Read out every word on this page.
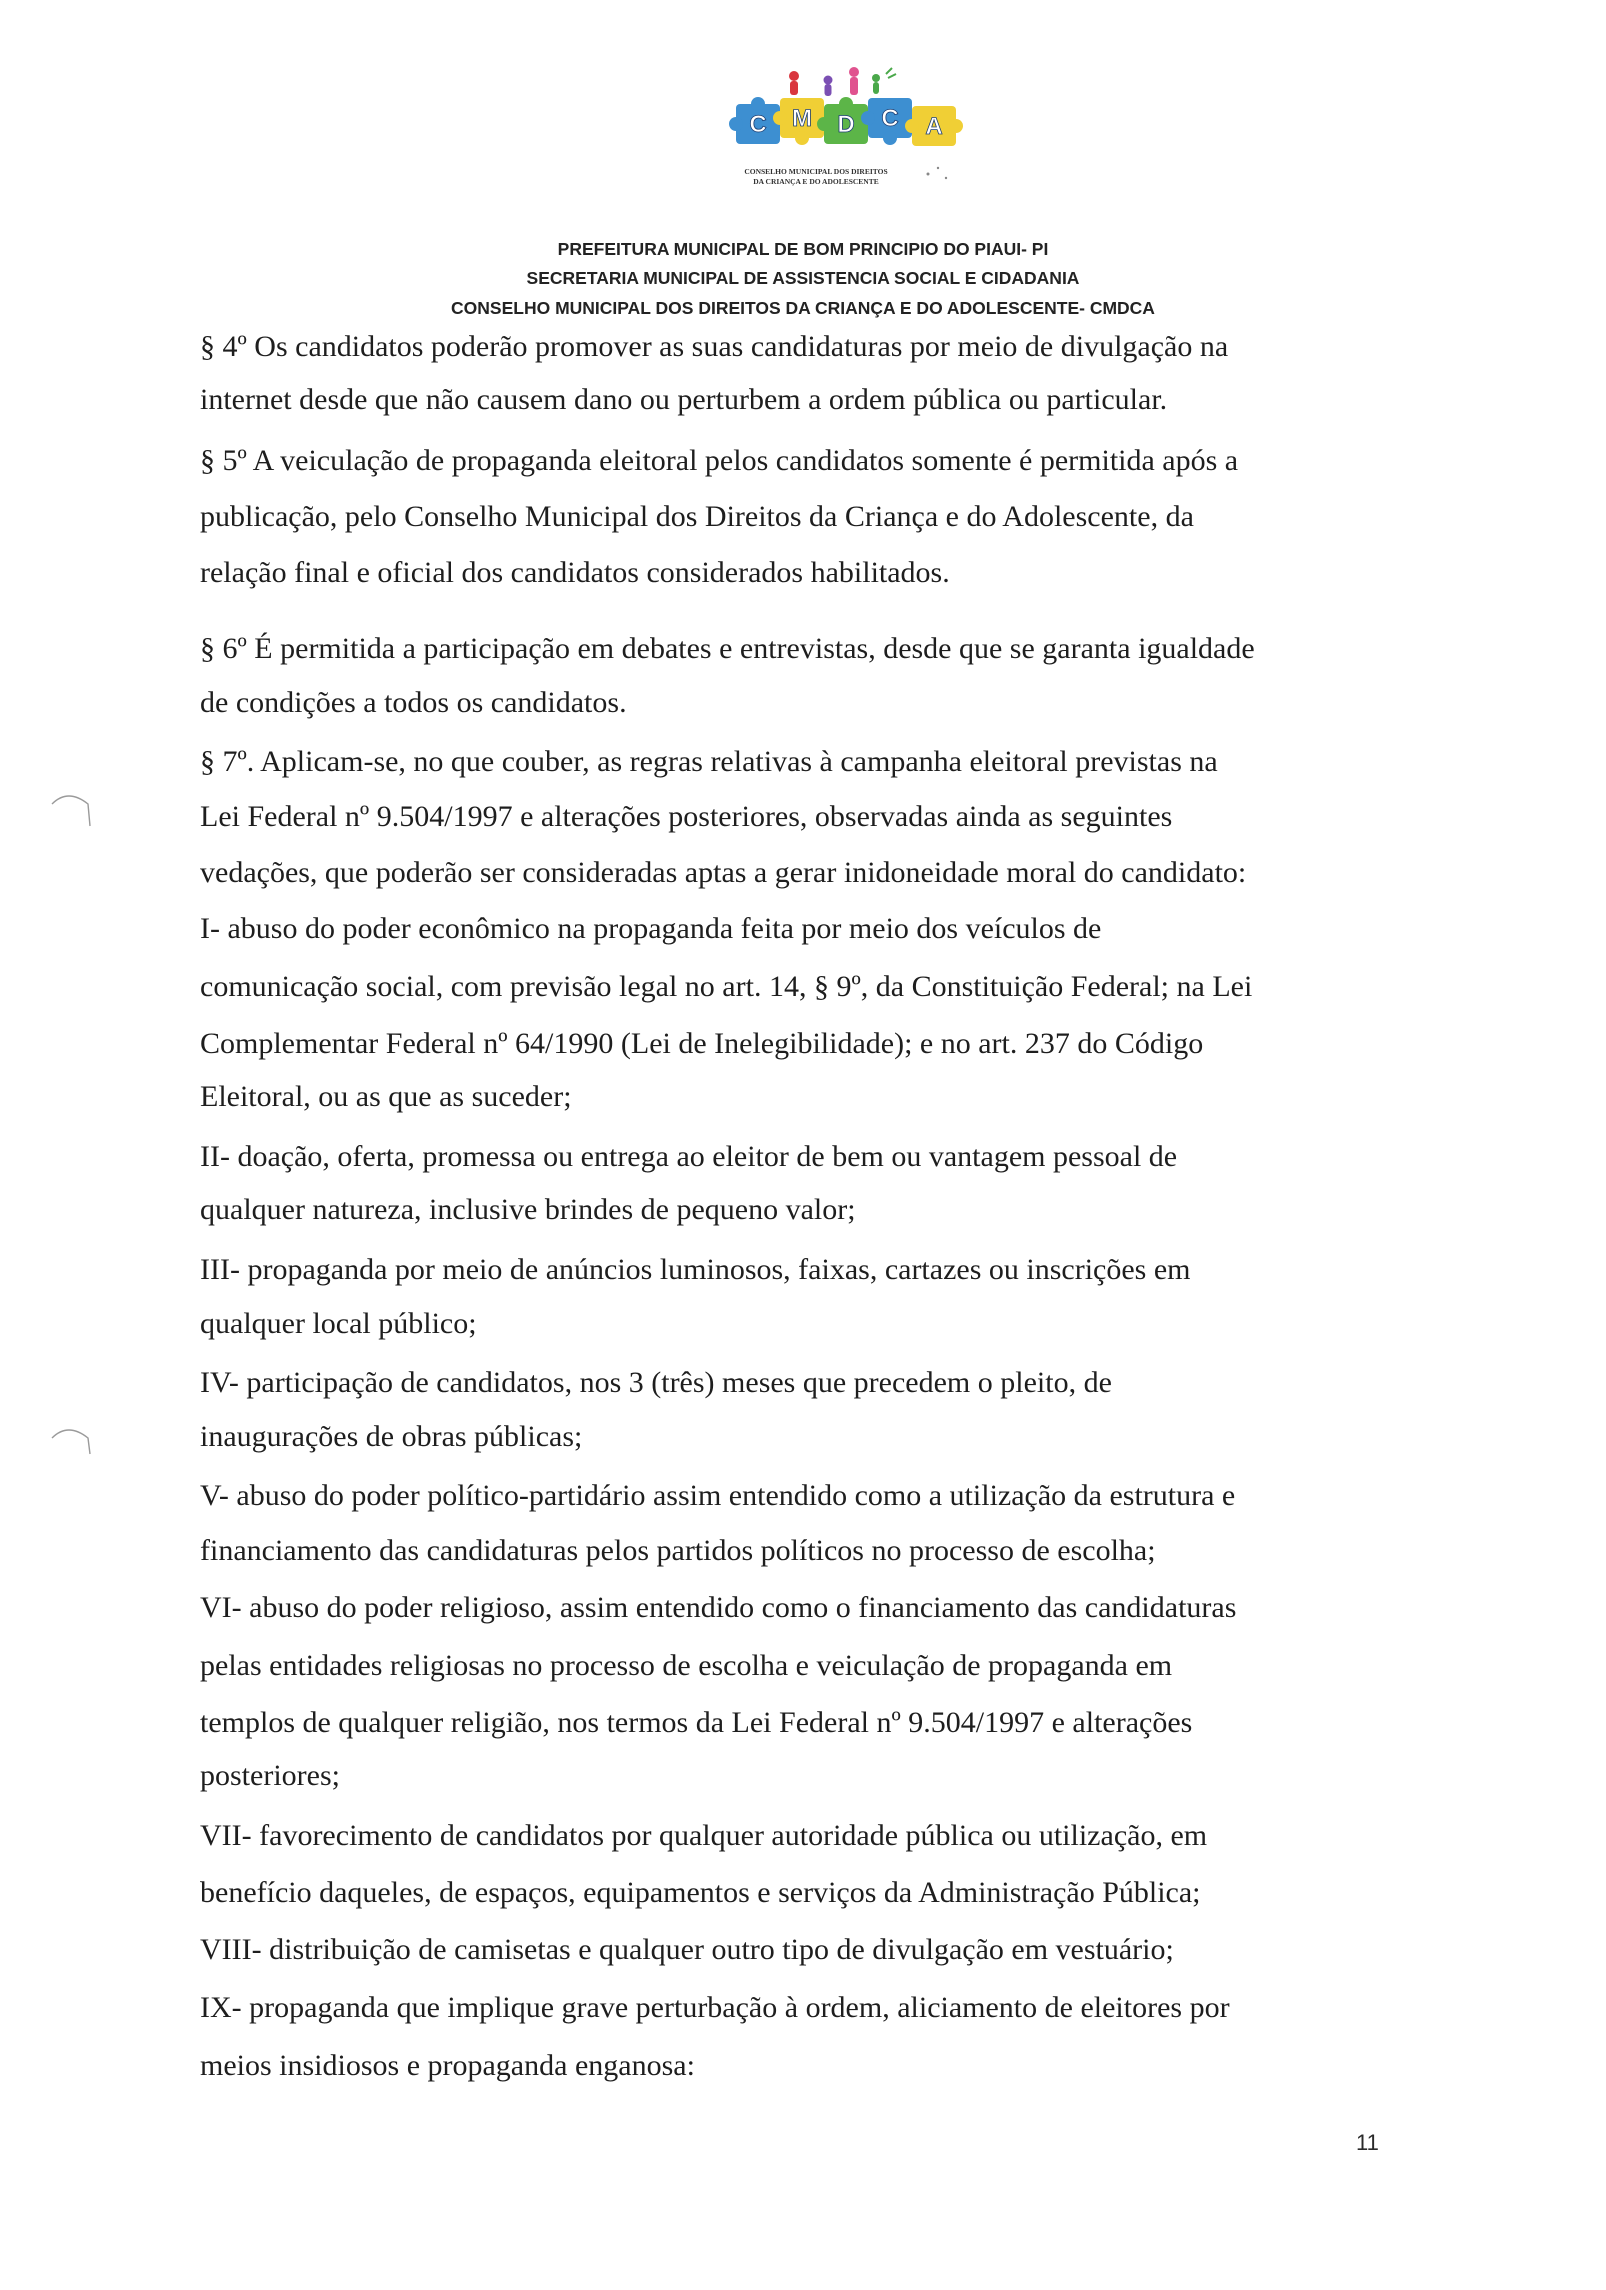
C M D C A
CONSELHO MUNICIPAL DOS DIREITOS
DA CRIANÇA E DO ADOLESCENTE
PREFEITURA MUNICIPAL DE BOM PRINCIPIO DO PIAUI- PI
SECRETARIA MUNICIPAL DE ASSISTENCIA SOCIAL E CIDADANIA
CONSELHO MUNICIPAL DOS DIREITOS DA CRIANÇA E DO ADOLESCENTE- CMDCA
§ 4º Os candidatos poderão promover as suas candidaturas por meio de divulgação na
internet desde que não causem dano ou perturbem a ordem pública ou particular.
§ 5º A veiculação de propaganda eleitoral pelos candidatos somente é permitida após a
publicação, pelo Conselho Municipal dos Direitos da Criança e do Adolescente, da
relação final e oficial dos candidatos considerados habilitados.
§ 6º É permitida a participação em debates e entrevistas, desde que se garanta igualdade
de condições a todos os candidatos.
§ 7º. Aplicam-se, no que couber, as regras relativas à campanha eleitoral previstas na
Lei Federal nº 9.504/1997 e alterações posteriores, observadas ainda as seguintes
vedações, que poderão ser consideradas aptas a gerar inidoneidade moral do candidato:
I- abuso do poder econômico na propaganda feita por meio dos veículos de
comunicação social, com previsão legal no art. 14, § 9º, da Constituição Federal; na Lei
Complementar Federal nº 64/1990 (Lei de Inelegibilidade); e no art. 237 do Código
Eleitoral, ou as que as suceder;
II- doação, oferta, promessa ou entrega ao eleitor de bem ou vantagem pessoal de
qualquer natureza, inclusive brindes de pequeno valor;
III- propaganda por meio de anúncios luminosos, faixas, cartazes ou inscrições em
qualquer local público;
IV- participação de candidatos, nos 3 (três) meses que precedem o pleito, de
inaugurações de obras públicas;
V- abuso do poder político-partidário assim entendido como a utilização da estrutura e
financiamento das candidaturas pelos partidos políticos no processo de escolha;
VI- abuso do poder religioso, assim entendido como o financiamento das candidaturas
pelas entidades religiosas no processo de escolha e veiculação de propaganda em
templos de qualquer religião, nos termos da Lei Federal nº 9.504/1997 e alterações
posteriores;
VII- favorecimento de candidatos por qualquer autoridade pública ou utilização, em
benefício daqueles, de espaços, equipamentos e serviços da Administração Pública;
VIII- distribuição de camisetas e qualquer outro tipo de divulgação em vestuário;
IX- propaganda que implique grave perturbação à ordem, aliciamento de eleitores por
meios insidiosos e propaganda enganosa:
11
